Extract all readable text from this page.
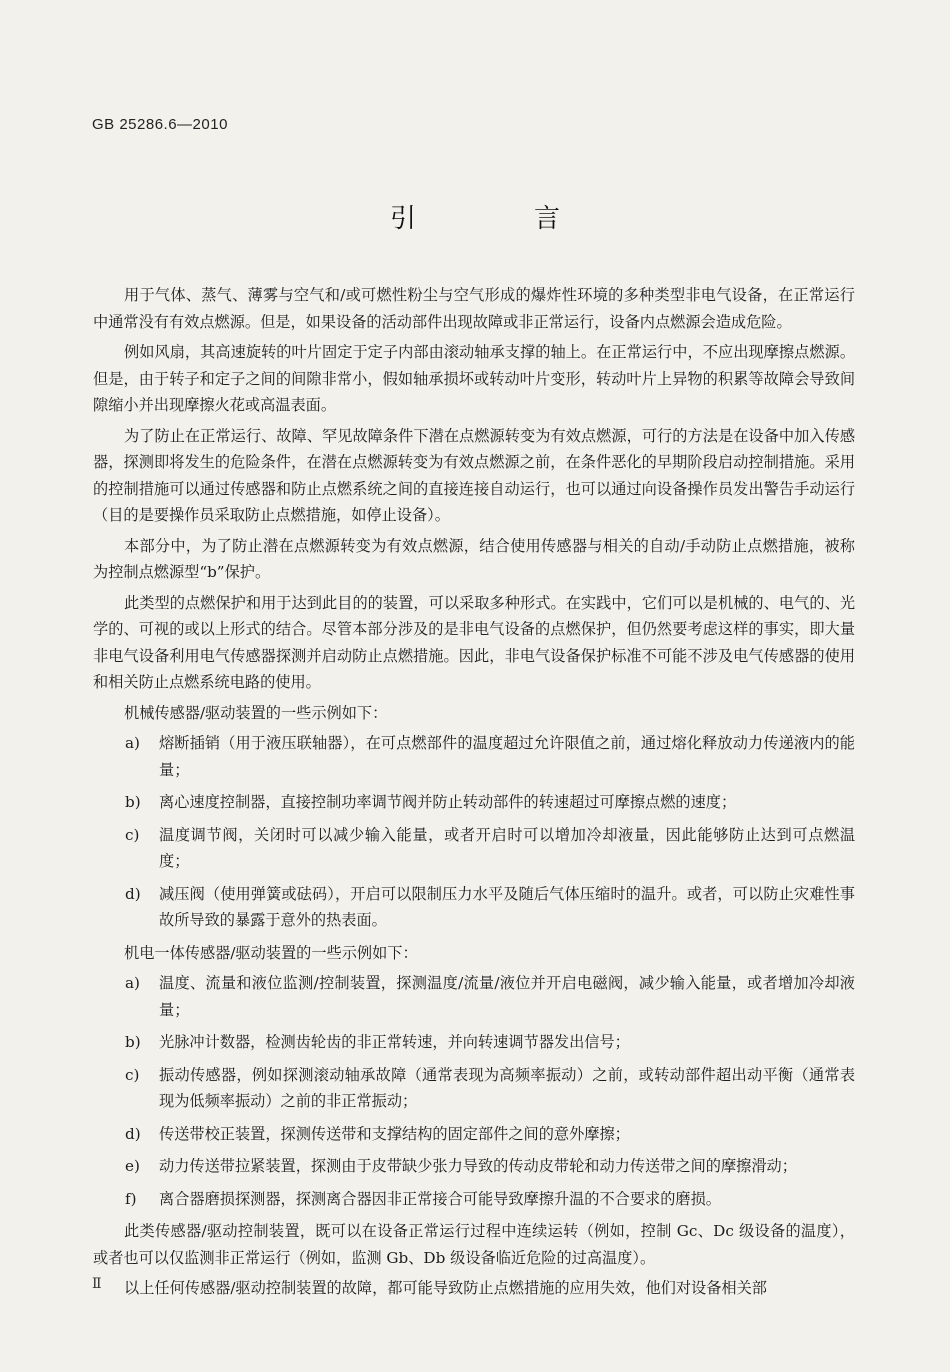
GB 25286.6—2010
引　言

用于气体、蒸气、薄雾与空气和/或可燃性粉尘与空气形成的爆炸性环境的多种类型非电气设备，在正常运行中通常没有有效点燃源。但是，如果设备的活动部件出现故障或非正常运行，设备内点燃源会造成危险。

例如风扇，其高速旋转的叶片固定于定子内部由滚动轴承支撑的轴上。在正常运行中，不应出现摩擦点燃源。但是，由于转子和定子之间的间隙非常小，假如轴承损坏或转动叶片变形，转动叶片上异物的积累等故障会导致间隙缩小并出现摩擦火花或高温表面。

为了防止在正常运行、故障、罕见故障条件下潜在点燃源转变为有效点燃源，可行的方法是在设备中加入传感器，探测即将发生的危险条件，在潜在点燃源转变为有效点燃源之前，在条件恶化的早期阶段启动控制措施。采用的控制措施可以通过传感器和防止点燃系统之间的直接连接自动运行，也可以通过向设备操作员发出警告手动运行（目的是要操作员采取防止点燃措施，如停止设备）。

本部分中，为了防止潜在点燃源转变为有效点燃源，结合使用传感器与相关的自动/手动防止点燃措施，被称为控制点燃源型“b”保护。

此类型的点燃保护和用于达到此目的的装置，可以采取多种形式。在实践中，它们可以是机械的、电气的、光学的、可视的或以上形式的结合。尽管本部分涉及的是非电气设备的点燃保护，但仍然要考虑这样的事实，即大量非电气设备利用电气传感器探测并启动防止点燃措施。因此，非电气设备保护标准不可能不涉及电气传感器的使用和相关防止点燃系统电路的使用。

机械传感器/驱动装置的一些示例如下：

a)	熔断插销（用于液压联轴器），在可点燃部件的温度超过允许限值之前，通过熔化释放动力传递液内的能量；
b)	离心速度控制器，直接控制功率调节阀并防止转动部件的转速超过可摩擦点燃的速度；
c)	温度调节阀，关闭时可以减少输入能量，或者开启时可以增加冷却液量，因此能够防止达到可点燃温度；
d)	减压阀（使用弹簧或砝码），开启可以限制压力水平及随后气体压缩时的温升。或者，可以防止灾难性事故所导致的暴露于意外的热表面。

机电一体传感器/驱动装置的一些示例如下：

a)	温度、流量和液位监测/控制装置，探测温度/流量/液位并开启电磁阀，减少输入能量，或者增加冷却液量；
b)	光脉冲计数器，检测齿轮齿的非正常转速，并向转速调节器发出信号；
c)	振动传感器，例如探测滚动轴承故障（通常表现为高频率振动）之前，或转动部件超出动平衡（通常表现为低频率振动）之前的非正常振动；
d)	传送带校正装置，探测传送带和支撑结构的固定部件之间的意外摩擦；
e)	动力传送带拉紧装置，探测由于皮带缺少张力导致的传动皮带轮和动力传送带之间的摩擦滑动；
f)	离合器磨损探测器，探测离合器因非正常接合可能导致摩擦升温的不合要求的磨损。

此类传感器/驱动控制装置，既可以在设备正常运行过程中连续运转（例如，控制 Gc、Dc 级设备的温度），或者也可以仅监测非正常运行（例如，监测 Gb、Db 级设备临近危险的过高温度）。

以上任何传感器/驱动控制装置的故障，都可能导致防止点燃措施的应用失效，他们对设备相关部

Ⅱ
